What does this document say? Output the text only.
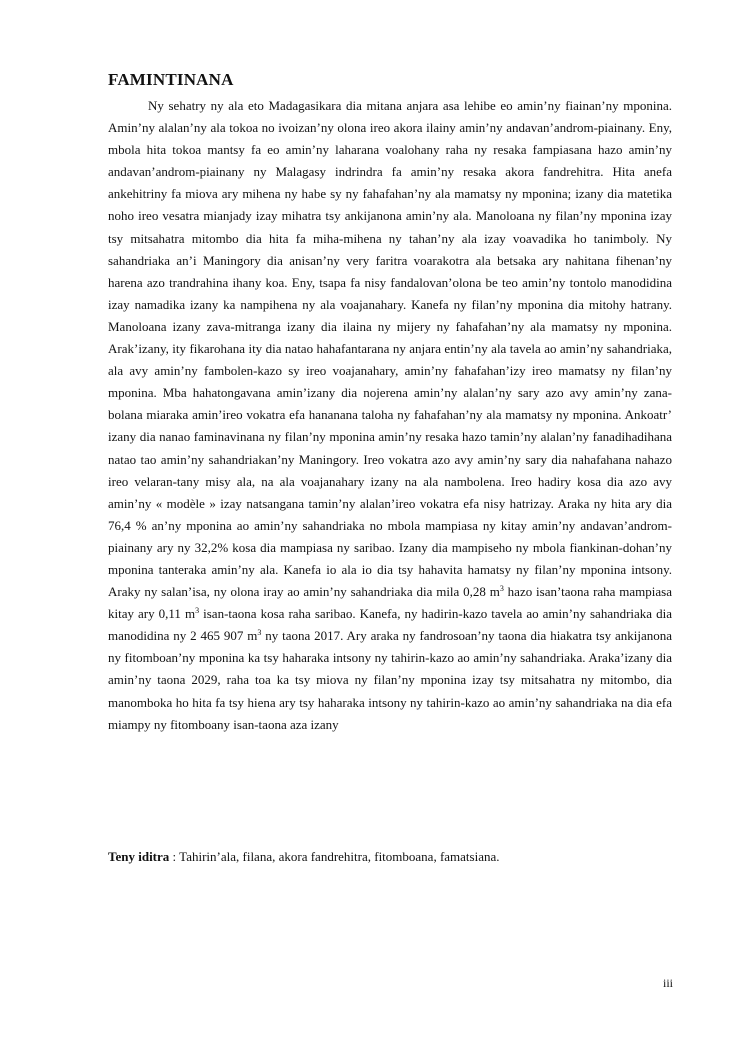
FAMINTINANA

Ny sehatry ny ala eto Madagasikara dia mitana anjara asa lehibe eo amin’ny fiainan’ny mponina. Amin’ny alalan’ny ala tokoa no ivoizan’ny olona ireo akora ilainy amin’ny andavan’androm-piainany. Eny, mbola hita tokoa mantsy fa eo amin’ny laharana voalohany raha ny resaka fampiasana hazo amin’ny andavan’androm-piainany ny Malagasy indrindra fa amin’ny resaka akora fandrehitra. Hita anefa ankehitriny fa miova ary mihena ny habe sy ny fahafahan’ny ala mamatsy ny mponina; izany dia matetika noho ireo vesatra mianjady izay mihatra tsy ankijanona amin’ny ala. Manoloana ny filan’ny mponina izay tsy mitsahatra mitombo dia hita fa miha-mihena ny tahan’ny ala izay voavadika ho tanimboly. Ny sahandriaka an’i Maningory dia anisan’ny very faritra voarakotra ala betsaka ary nahitana fihenan’ny harena azo trandrahina ihany koa. Eny, tsapa fa nisy fandalovan’olona be teo amin’ny tontolo manodidina izay namadika izany ka nampihena ny ala voajanahary. Kanefa ny filan’ny mponina dia mitohy hatrany. Manoloana izany zava-mitranga izany dia ilaina ny mijery ny fahafahan’ny ala mamatsy ny mponina. Arak’izany, ity fikarohana ity dia natao hahafantarana ny anjara entin’ny ala tavela ao amin’ny sahandriaka, ala avy amin’ny fambolen-kazo sy ireo voajanahary, amin’ny fahafahan’izy ireo mamatsy ny filan’ny mponina. Mba hahatongavana amin’izany dia nojerena amin’ny alalan’ny sary azo avy amin’ny zana-bolana miaraka amin’ireo vokatra efa hananana taloha ny fahafahan’ny ala mamatsy ny mponina. Ankoatr’ izany dia nanao faminavinana ny filan’ny mponina amin’ny resaka hazo tamin’ny alalan’ny fanadihadihana natao tao amin’ny sahandriakan’ny Maningory. Ireo vokatra azo avy amin’ny sary dia nahafahana nahazo ireo velaran-tany misy ala, na ala voajanahary izany na ala nambolena. Ireo hadiry kosa dia azo avy amin’ny « modèle » izay natsangana tamin’ny alalan’ireo vokatra efa nisy hatrizay. Araka ny hita ary dia 76,4 % an’ny mponina ao amin’ny sahandriaka no mbola mampiasa ny kitay amin’ny andavan’androm-piainany ary ny 32,2% kosa dia mampiasa ny saribao. Izany dia mampiseho ny mbola fiankinan-dohan’ny mponina tanteraka amin’ny ala. Kanefa io ala io dia tsy hahavita hamatsy ny filan’ny mponina intsony. Araky ny salan’isa, ny olona iray ao amin’ny sahandriaka dia mila 0,28 $m^3$ hazo isan’taona raha mampiasa kitay ary 0,11 $m^3$ isan-taona kosa raha saribao. Kanefa, ny hadirin-kazo tavela ao amin’ny sahandriaka dia manodidina ny 2 465 907 $m^3$ ny taona 2017. Ary araka ny fandrosoan’ny taona dia hiakatra tsy ankijanona ny fitomboan’ny mponina ka tsy haharaka intsony ny tahirin-kazo ao amin’ny sahandriaka. Araka’izany dia amin’ny taona 2029, raha toa ka tsy miova ny filan’ny mponina izay tsy mitsahatra ny mitombo, dia manomboka ho hita fa tsy hiena ary tsy haharaka intsony ny tahirin-kazo ao amin’ny sahandriaka na dia efa miampy ny fitomboany isan-taona aza izany

Teny iditra : Tahirin’ala, filana, akora fandrehitra, fitomboana, famatsiana.
iii
